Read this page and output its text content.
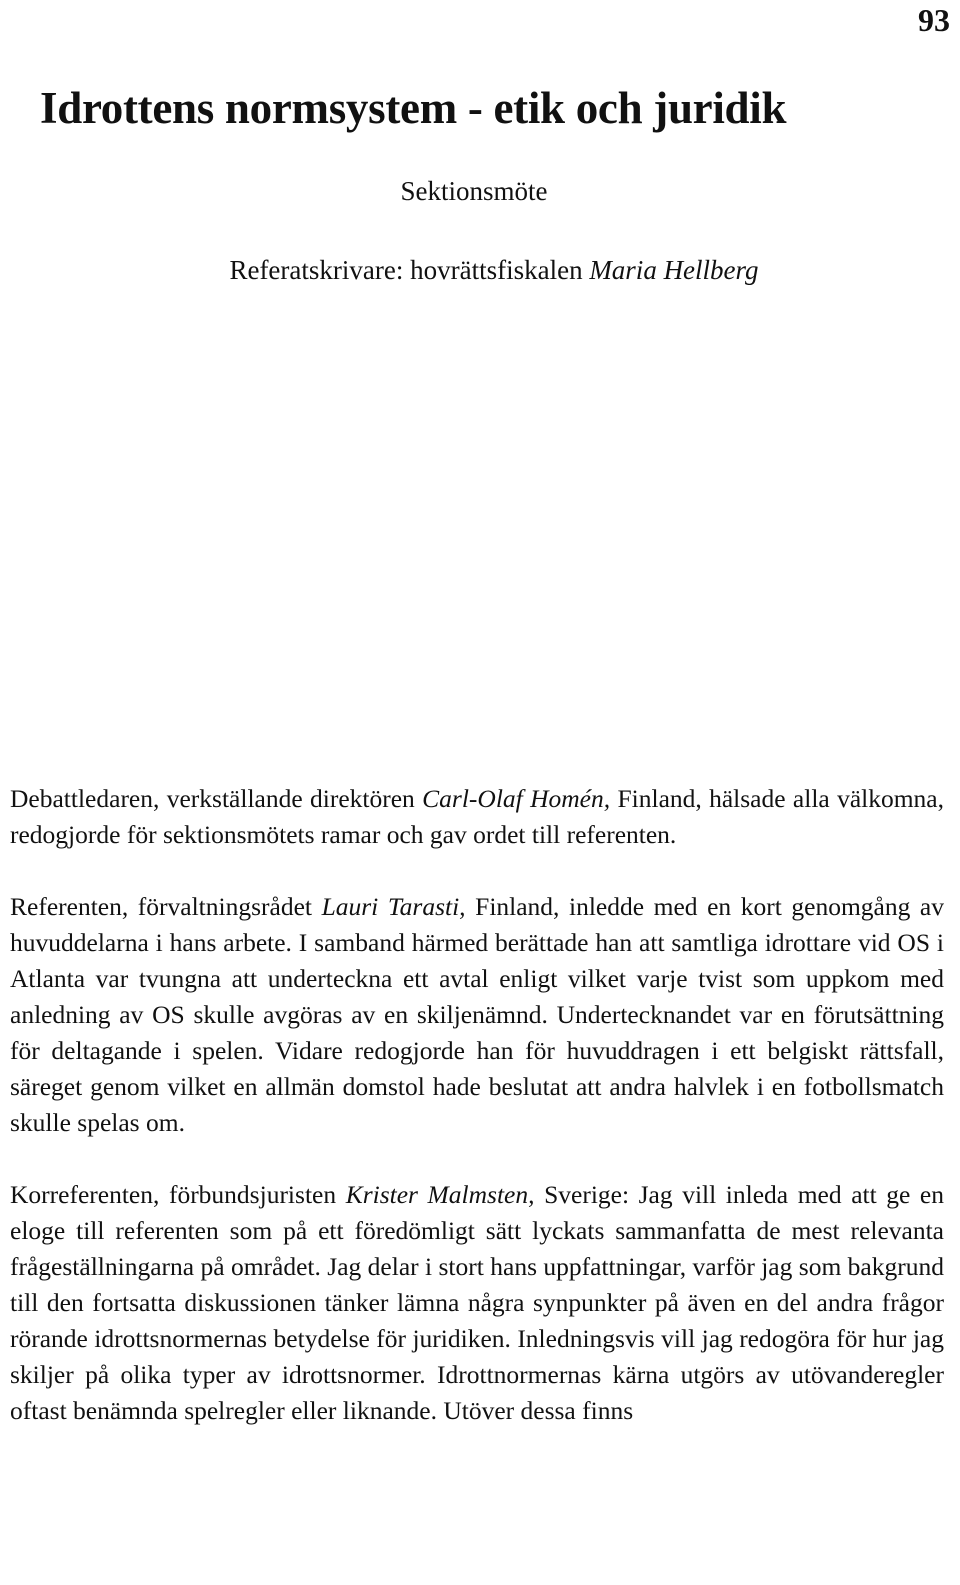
93
Idrottens normsystem - etik och juridik
Sektionsmöte
Referatskrivare: hovrättsfiskalen Maria Hellberg

Debattledaren, verkställande direktören Carl-Olaf Homén, Finland, hälsade alla välkomna, redogjorde för sektionsmötets ramar och gav ordet till referenten.

Referenten, förvaltningsrådet Lauri Tarasti, Finland, inledde med en kort genomgång av huvuddelarna i hans arbete. I samband härmed berättade han att samtliga idrottare vid OS i Atlanta var tvungna att underteckna ett avtal enligt vilket varje tvist som uppkom med anledning av OS skulle avgöras av en skiljenämnd. Undertecknandet var en förutsättning för deltagande i spelen. Vidare redogjorde han för huvuddragen i ett belgiskt rättsfall, säreget genom vilket en allmän domstol hade beslutat att andra halvlek i en fotbollsmatch skulle spelas om.

Korreferenten, förbundsjuristen Krister Malmsten, Sverige: Jag vill inleda med att ge en eloge till referenten som på ett föredömligt sätt lyckats sammanfatta de mest relevanta frågeställningarna på området. Jag delar i stort hans uppfattningar, varför jag som bakgrund till den fortsatta diskussionen tänker lämna några synpunkter på även en del andra frågor rörande idrottsnormernas betydelse för juridiken. Inledningsvis vill jag redogöra för hur jag skiljer på olika typer av idrottsnormer. Idrottnormernas kärna utgörs av utövanderegler oftast benämnda spelregler eller liknande. Utöver dessa finns
